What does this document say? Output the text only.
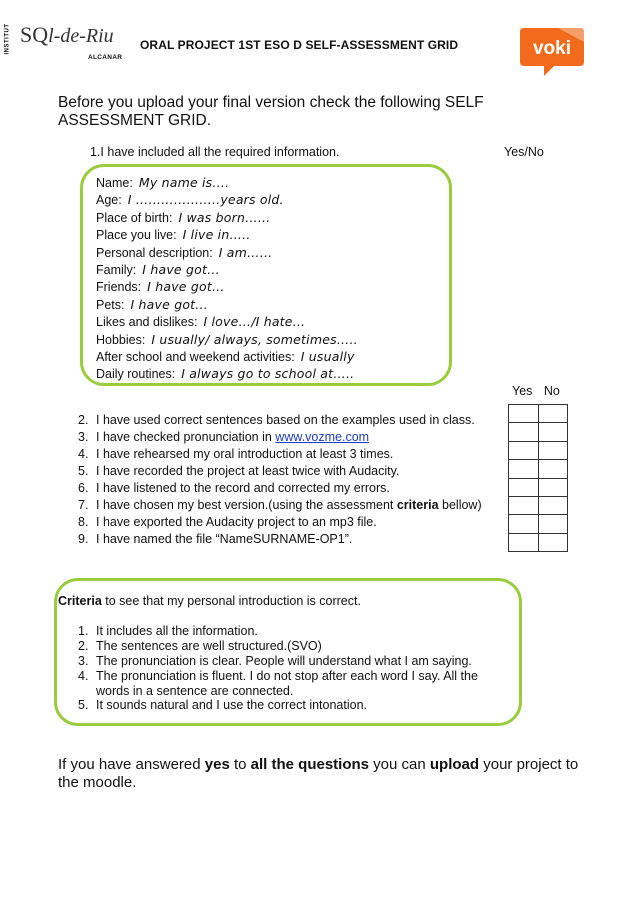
INSTITUT SQl-de-Riu
ALCANAR
ORAL PROJECT 1ST ESO D SELF-ASSESSMENT GRID	voki
Before you upload your final version check the following SELF ASSESSMENT GRID.
1.I have included all the required information.	Yes/No
Name: My name is….
Age: I ………………..years old.
Place of birth: I was born……
Place you live: I live in…..
Personal description: I am……
Family: I have got…
Friends: I have got…
Pets: I have got…
Likes and dislikes: I love…/I hate…
Hobbies: I usually/ always, sometimes…..
After school and weekend activities: I usually
Daily routines: I always go to school at…..
Yes No

2. I have used correct sentences based on the examples used in class.
3. I have checked pronunciation in www.vozme.com
4. I have rehearsed my oral introduction at least 3 times.
5. I have recorded the project at least twice with Audacity.
6. I have listened to the record and corrected my errors.
7. I have chosen my best version.(using the assessment criteria bellow)
8. I have exported the Audacity project to an mp3 file.
9. I have named the file “NameSURNAME-OP1”.
Criteria to see that my personal introduction is correct.
1. It includes all the information.
2. The sentences are well structured.(SVO)
3. The pronunciation is clear. People will understand what I am saying.
4. The pronunciation is fluent. I do not stop after each word I say. All the words in a sentence are connected.
5. It sounds natural and I use the correct intonation.
If you have answered yes to all the questions you can upload your project to the moodle.
